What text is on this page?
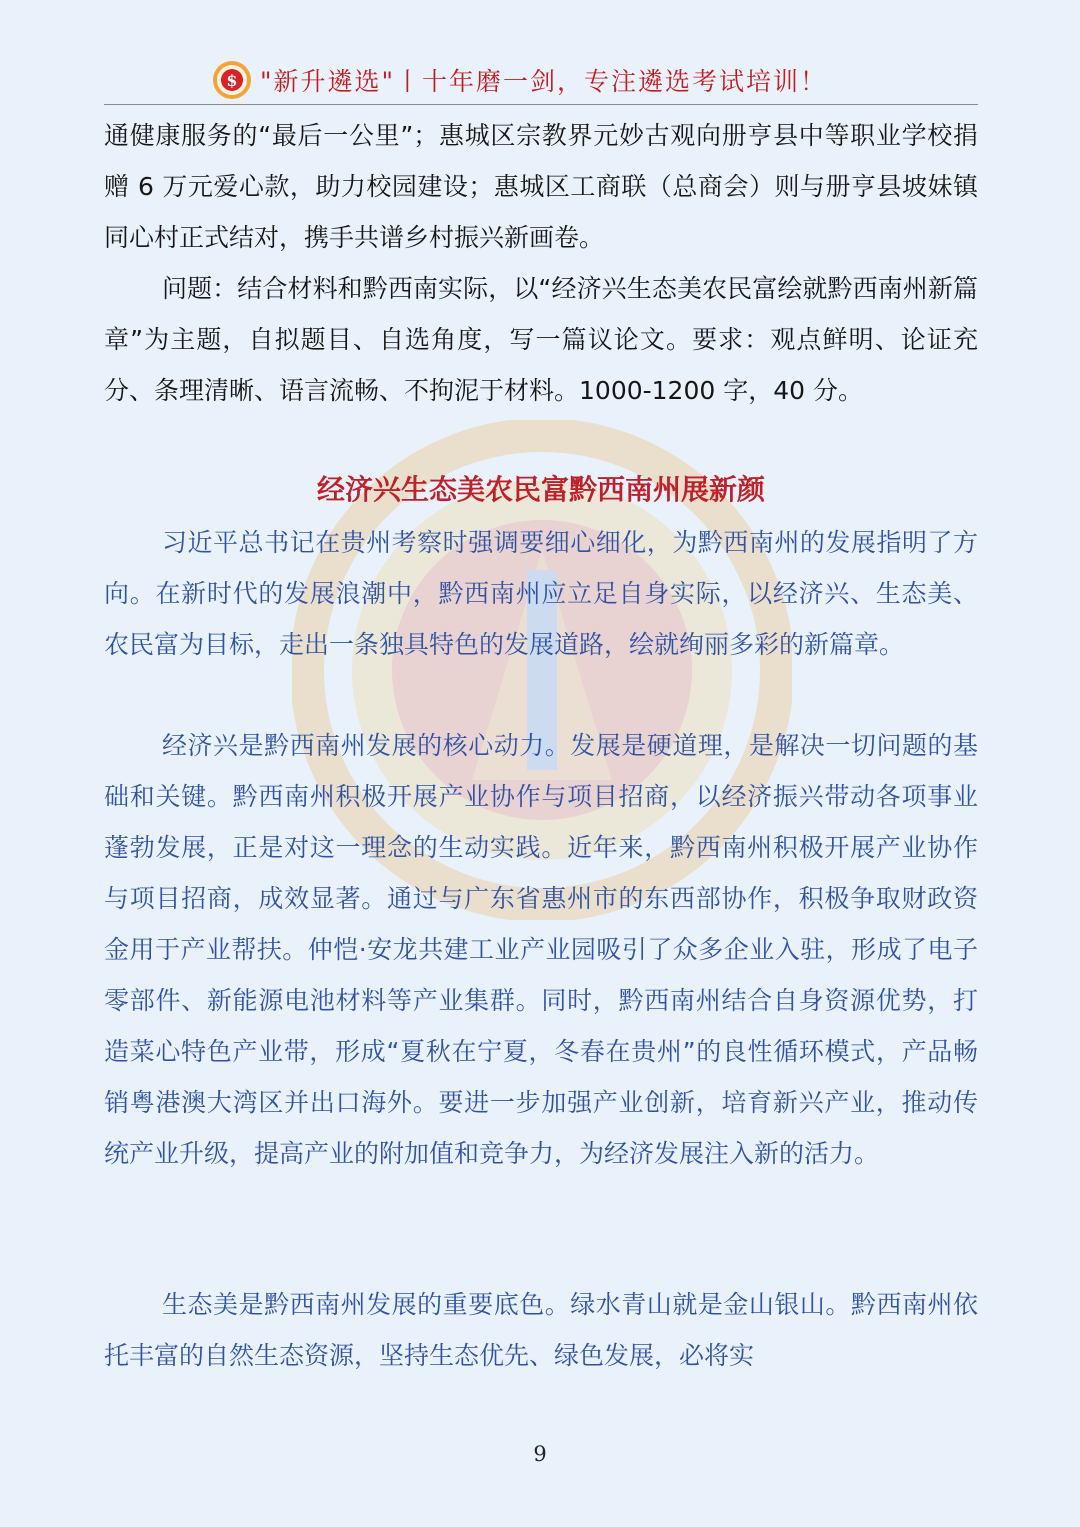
$ "新升遴选"丨十年磨一剑，专注遴选考试培训！

通健康服务的“最后一公里”；惠城区宗教界元妙古观向册亨县中等职业学校捐赠 6 万元爱心款，助力校园建设；惠城区工商联（总商会）则与册亨县坡妹镇同心村正式结对，携手共谱乡村振兴新画卷。

问题：结合材料和黔西南实际，以“经济兴生态美农民富绘就黔西南州新篇章”为主题，自拟题目、自选角度，写一篇议论文。要求：观点鲜明、论证充分、条理清晰、语言流畅、不拘泥于材料。1000-1200 字，40 分。

经济兴生态美农民富黔西南州展新颜

习近平总书记在贵州考察时强调要细心细化，为黔西南州的发展指明了方向。在新时代的发展浪潮中，黔西南州应立足自身实际，以经济兴、生态美、农民富为目标，走出一条独具特色的发展道路，绘就绚丽多彩的新篇章。

经济兴是黔西南州发展的核心动力。发展是硬道理，是解决一切问题的基础和关键。黔西南州积极开展产业协作与项目招商，以经济振兴带动各项事业蓬勃发展，正是对这一理念的生动实践。近年来，黔西南州积极开展产业协作与项目招商，成效显著。通过与广东省惠州市的东西部协作，积极争取财政资金用于产业帮扶。仲恺·安龙共建工业产业园吸引了众多企业入驻，形成了电子零部件、新能源电池材料等产业集群。同时，黔西南州结合自身资源优势，打造菜心特色产业带，形成“夏秋在宁夏，冬春在贵州”的良性循环模式，产品畅销粤港澳大湾区并出口海外。要进一步加强产业创新，培育新兴产业，推动传统产业升级，提高产业的附加值和竞争力，为经济发展注入新的活力。

生态美是黔西南州发展的重要底色。绿水青山就是金山银山。黔西南州依托丰富的自然生态资源，坚持生态优先、绿色发展，必将实

9
